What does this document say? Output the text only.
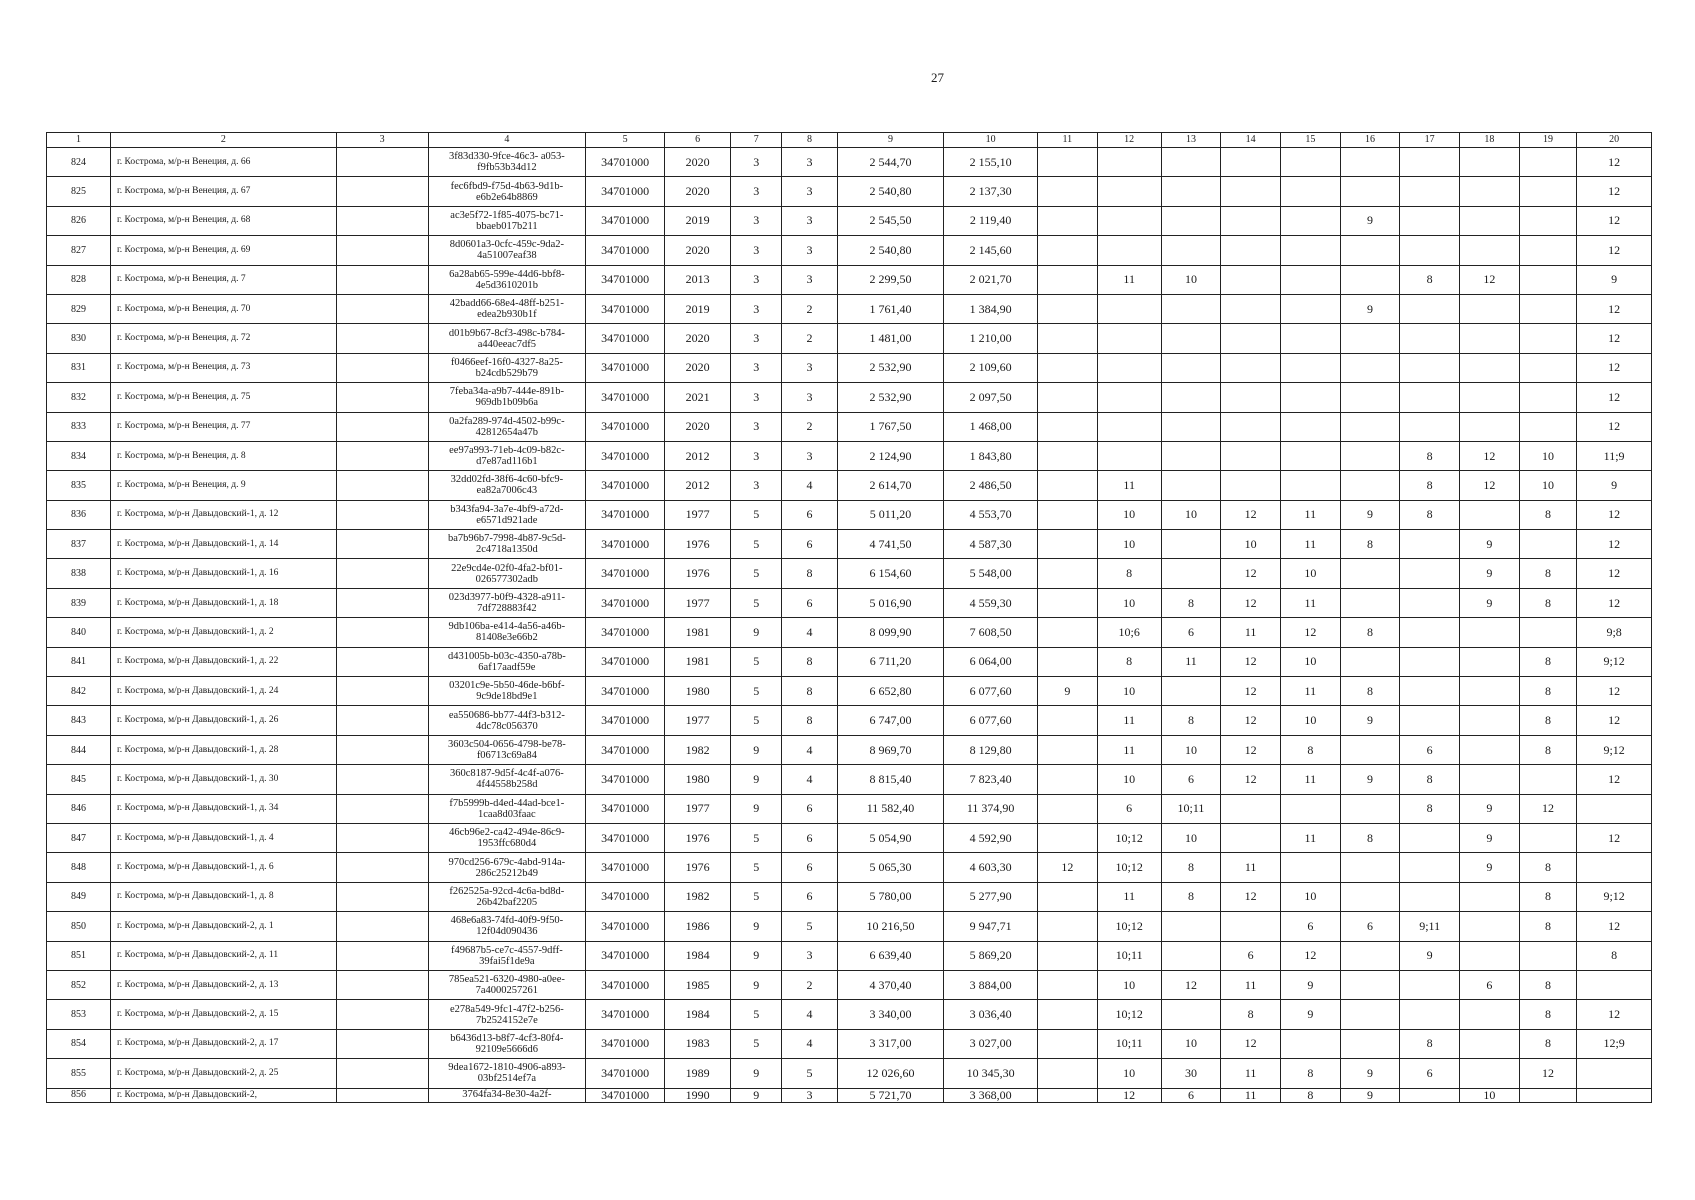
27
1	2	3	4	5	6	7	8	9	10	11	12	13	14	15	16	17	18	19	20
824	г. Кострома, м/р-н Венеция, д. 66		3f83d330-9fce-46c3- a053-f9fb53b34d12	34701000	2020	3	3	2 544,70	2 155,10										12
825	г. Кострома, м/р-н Венеция, д. 67		fec6fbd9-f75d-4b63-9d1b-e6b2e64b8869	34701000	2020	3	3	2 540,80	2 137,30										12
826	г. Кострома, м/р-н Венеция, д. 68		ac3e5f72-1f85-4075-bc71-bbaeb017b211	34701000	2019	3	3	2 545,50	2 119,40						9				12
827	г. Кострома, м/р-н Венеция, д. 69		8d0601a3-0cfc-459c-9da2-4a51007eaf38	34701000	2020	3	3	2 540,80	2 145,60										12
828	г. Кострома, м/р-н Венеция, д. 7		6a28ab65-599e-44d6-bbf8-4e5d3610201b	34701000	2013	3	3	2 299,50	2 021,70		11	10				8	12		9
829	г. Кострома, м/р-н Венеция, д. 70		42badd66-68e4-48ff-b251-edea2b930b1f	34701000	2019	3	2	1 761,40	1 384,90						9				12
830	г. Кострома, м/р-н Венеция, д. 72		d01b9b67-8cf3-498c-b784-a440eeac7df5	34701000	2020	3	2	1 481,00	1 210,00										12
831	г. Кострома, м/р-н Венеция, д. 73		f0466eef-16f0-4327-8a25-b24cdb529b79	34701000	2020	3	3	2 532,90	2 109,60										12
832	г. Кострома, м/р-н Венеция, д. 75		7feba34a-a9b7-444e-891b-969db1b09b6a	34701000	2021	3	3	2 532,90	2 097,50										12
833	г. Кострома, м/р-н Венеция, д. 77		0a2fa289-974d-4502-b99c-42812654a47b	34701000	2020	3	2	1 767,50	1 468,00										12
834	г. Кострома, м/р-н Венеция, д. 8		ee97a993-71eb-4c09-b82c-d7e87ad116b1	34701000	2012	3	3	2 124,90	1 843,80							8	12	10	11;9
835	г. Кострома, м/р-н Венеция, д. 9		32dd02fd-38f6-4c60-bfc9-ea82a7006c43	34701000	2012	3	4	2 614,70	2 486,50		11					8	12	10	9
836	г. Кострома, м/р-н Давыдовский-1, д. 12		b343fa94-3a7e-4bf9-a72d-e6571d921ade	34701000	1977	5	6	5 011,20	4 553,70		10	10	12	11	9	8		8	12
837	г. Кострома, м/р-н Давыдовский-1, д. 14		ba7b96b7-7998-4b87-9c5d-2c4718a1350d	34701000	1976	5	6	4 741,50	4 587,30		10		10	11	8		9		12
838	г. Кострома, м/р-н Давыдовский-1, д. 16		22e9cd4e-02f0-4fa2-bf01-026577302adb	34701000	1976	5	8	6 154,60	5 548,00		8		12	10			9	8	12
839	г. Кострома, м/р-н Давыдовский-1, д. 18		023d3977-b0f9-4328-a911-7df728883f42	34701000	1977	5	6	5 016,90	4 559,30		10	8	12	11			9	8	12
840	г. Кострома, м/р-н Давыдовский-1, д. 2		9db106ba-e414-4a56-a46b-81408e3e66b2	34701000	1981	9	4	8 099,90	7 608,50		10;6	6	11	12	8				9;8
841	г. Кострома, м/р-н Давыдовский-1, д. 22		d431005b-b03c-4350-a78b-6af17aadf59e	34701000	1981	5	8	6 711,20	6 064,00		8	11	12	10				8	9;12
842	г. Кострома, м/р-н Давыдовский-1, д. 24		03201c9e-5b50-46de-b6bf-9c9de18bd9e1	34701000	1980	5	8	6 652,80	6 077,60	9	10		12	11	8			8	12
843	г. Кострома, м/р-н Давыдовский-1, д. 26		ea550686-bb77-44f3-b312-4dc78c056370	34701000	1977	5	8	6 747,00	6 077,60		11	8	12	10	9			8	12
844	г. Кострома, м/р-н Давыдовский-1, д. 28		3603c504-0656-4798-be78-f06713c69a84	34701000	1982	9	4	8 969,70	8 129,80		11	10	12	8		6		8	9;12
845	г. Кострома, м/р-н Давыдовский-1, д. 30		360c8187-9d5f-4c4f-a076-4f44558b258d	34701000	1980	9	4	8 815,40	7 823,40		10	6	12	11	9	8			12
846	г. Кострома, м/р-н Давыдовский-1, д. 34		f7b5999b-d4ed-44ad-bce1-1caa8d03faac	34701000	1977	9	6	11 582,40	11 374,90		6	10;11				8	9	12	
847	г. Кострома, м/р-н Давыдовский-1, д. 4		46cb96e2-ca42-494e-86c9-1953ffc680d4	34701000	1976	5	6	5 054,90	4 592,90		10;12	10		11	8		9		12
848	г. Кострома, м/р-н Давыдовский-1, д. 6		970cd256-679c-4abd-914a-286c25212b49	34701000	1976	5	6	5 065,30	4 603,30	12	10;12	8	11				9	8	
849	г. Кострома, м/р-н Давыдовский-1, д. 8		f262525a-92cd-4c6a-bd8d-26b42baf2205	34701000	1982	5	6	5 780,00	5 277,90		11	8	12	10				8	9;12
850	г. Кострома, м/р-н Давыдовский-2, д. 1		468e6a83-74fd-40f9-9f50-12f04d090436	34701000	1986	9	5	10 216,50	9 947,71		10;12			6	6	9;11		8	12
851	г. Кострома, м/р-н Давыдовский-2, д. 11		f49687b5-ce7c-4557-9dff-39fai5f1de9a	34701000	1984	9	3	6 639,40	5 869,20		10;11		6	12		9			8
852	г. Кострома, м/р-н Давыдовский-2, д. 13		785ea521-6320-4980-a0ee-7a4000257261	34701000	1985	9	2	4 370,40	3 884,00		10	12	11	9			6	8	
853	г. Кострома, м/р-н Давыдовский-2, д. 15		e278a549-9fc1-47f2-b256-7b2524152e7e	34701000	1984	5	4	3 340,00	3 036,40		10;12		8	9				8	12
854	г. Кострома, м/р-н Давыдовский-2, д. 17		b6436d13-b8f7-4cf3-80f4-92109e5666d6	34701000	1983	5	4	3 317,00	3 027,00		10;11	10	12			8		8	12;9
855	г. Кострома, м/р-н Давыдовский-2, д. 25		9dea1672-1810-4906-a893-03bf2514ef7a	34701000	1989	9	5	12 026,60	10 345,30		10	30	11	8	9	6		12	
856	г. Кострома, м/р-н Давыдовский-2,		3764fa34-8e30-4a2f-	34701000	1990	9	3	5 721,70	3 368,00		12	6	11	8	9		10		
